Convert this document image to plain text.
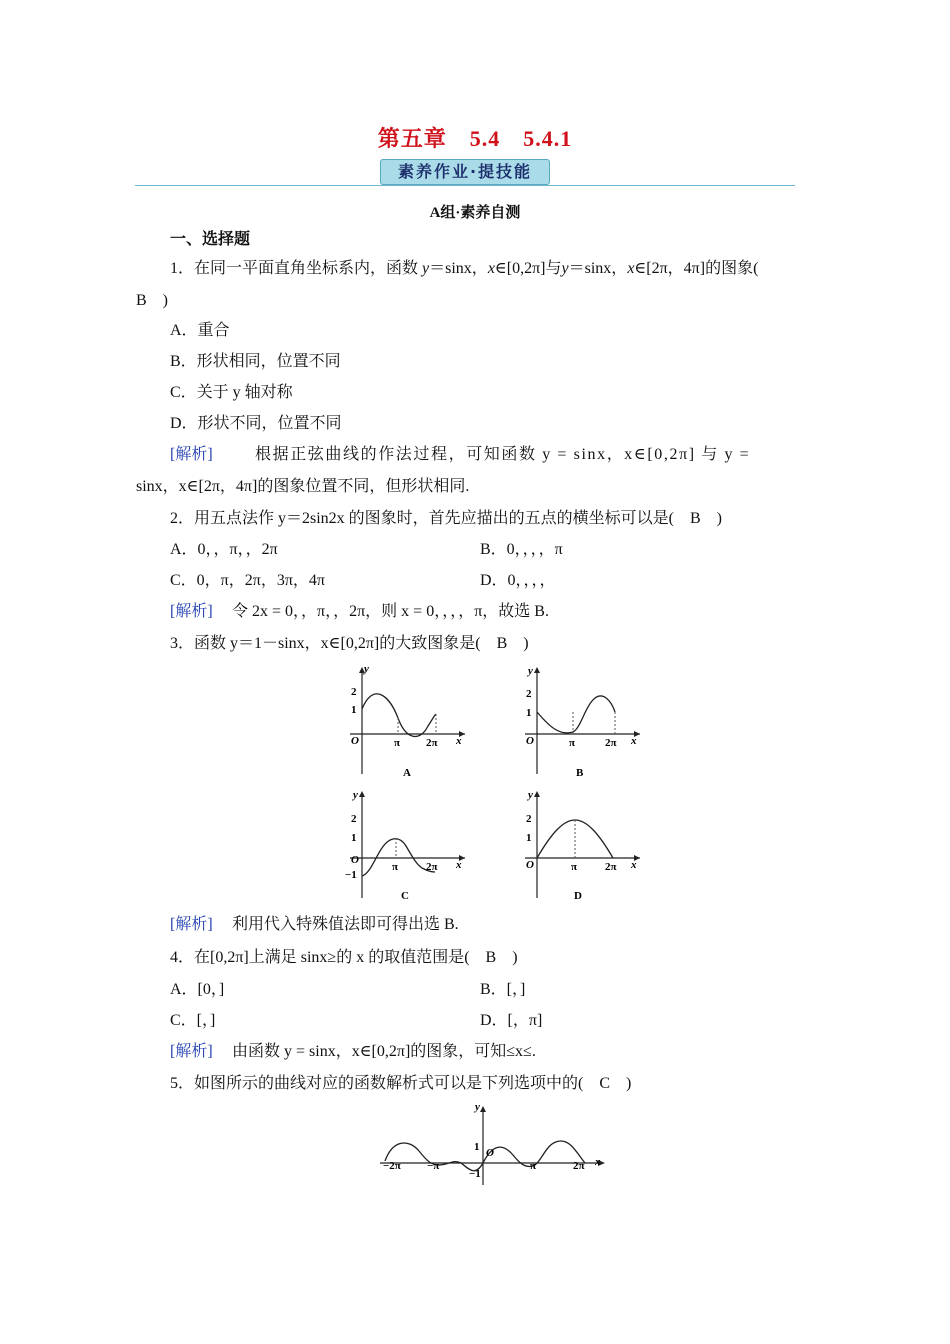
第五章　5.4　5.4.1
素养作业·提技能
A组·素养自测
一、选择题
1．在同一平面直角坐标系内，函数 y＝sinx，x∈[0,2π]与y＝sinx，x∈[2π，4π]的图象(
B　)
A．重合
B．形状相同，位置不同
C．关于 y 轴对称
D．形状不同，位置不同
[解析]	根据正弦曲线的作法过程，可知函数 y = sinx，x∈[0,2π] 与 y =
sinx，x∈[2π，4π]的图象位置不同，但形状相同.
2．用五点法作 y＝2sin2x 的图象时，首先应描出的五点的横坐标可以是(　B　)
A．0，，π，，2π	B．0，，，，π
C．0，π，2π，3π，4π	D．0，，，，
[解析] 令 2x = 0，，π，，2π，则 x = 0，，，，π，故选 B.
3．函数 y＝1－sinx，x∈[0,2π]的大致图象是(　B　)
y
x
O
2
1
π 2π
A
y
x
O
2
1
π	2π
B
y
x
O
2
1
−1
π	2π
C
y
x
O
2
1
π	2π
D
[解析] 利用代入特殊值法即可得出选 B.
4．在[0,2π]上满足 sinx≥的 x 的取值范围是(　B　)
A．[0，]	B．[，]
C．[，]	D．[，π]
[解析] 由函数 y = sinx，x∈[0,2π]的图象，可知≤x≤.
5．如图所示的曲线对应的函数解析式可以是下列选项中的(　C　)
y
x
O
1
−1
−2π −π	π	2π
